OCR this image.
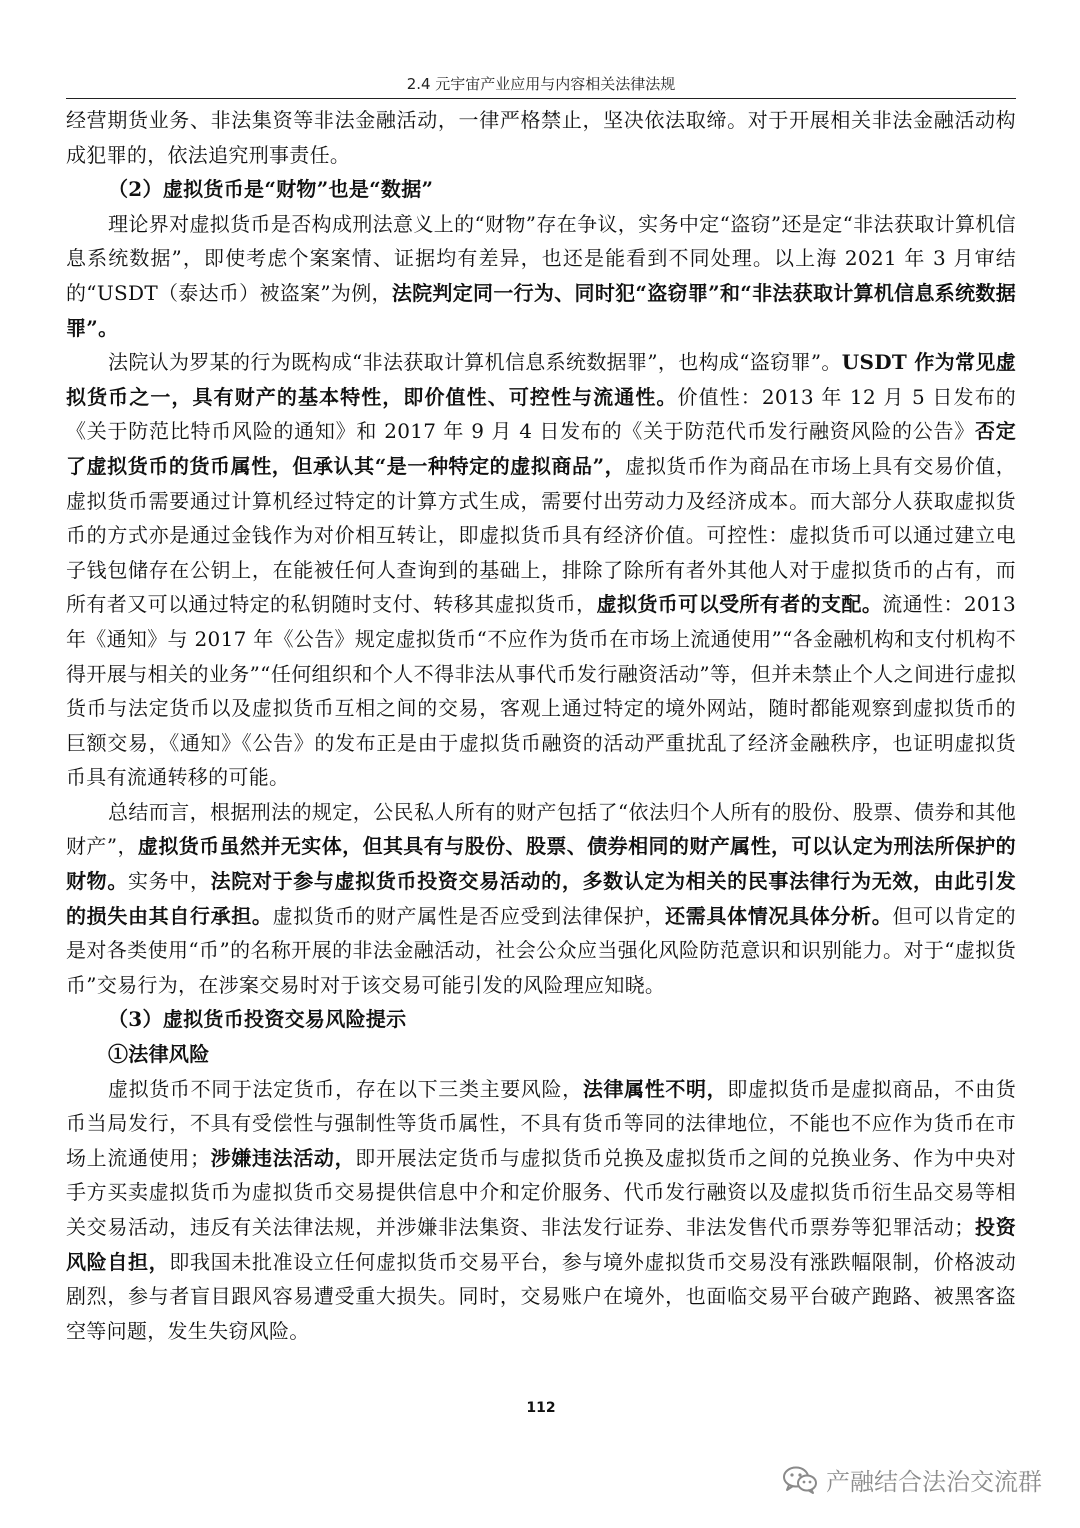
2.4 元宇宙产业应用与内容相关法律法规

经营期货业务、非法集资等非法金融活动，一律严格禁止，坚决依法取缔。对于开展相关非法金融活动构成犯罪的，依法追究刑事责任。

（2）虚拟货币是“财物”也是“数据”

理论界对虚拟货币是否构成刑法意义上的“财物”存在争议，实务中定“盗窃”还是定“非法获取计算机信息系统数据”，即使考虑个案案情、证据均有差异，也还是能看到不同处理。以上海 2021 年 3 月审结的“USDT（泰达币）被盗案”为例，法院判定同一行为、同时犯“盗窃罪”和“非法获取计算机信息系统数据罪”。

法院认为罗某的行为既构成“非法获取计算机信息系统数据罪”，也构成“盗窃罪”。USDT 作为常见虚拟货币之一，具有财产的基本特性，即价值性、可控性与流通性。价值性：2013 年 12 月 5 日发布的《关于防范比特币风险的通知》和 2017 年 9 月 4 日发布的《关于防范代币发行融资风险的公告》否定了虚拟货币的货币属性，但承认其“是一种特定的虚拟商品”，虚拟货币作为商品在市场上具有交易价值，虚拟货币需要通过计算机经过特定的计算方式生成，需要付出劳动力及经济成本。而大部分人获取虚拟货币的方式亦是通过金钱作为对价相互转让，即虚拟货币具有经济价值。可控性：虚拟货币可以通过建立电子钱包储存在公钥上，在能被任何人查询到的基础上，排除了除所有者外其他人对于虚拟货币的占有，而所有者又可以通过特定的私钥随时支付、转移其虚拟货币，虚拟货币可以受所有者的支配。流通性：2013 年《通知》与 2017 年《公告》规定虚拟货币“不应作为货币在市场上流通使用”“各金融机构和支付机构不得开展与相关的业务”“任何组织和个人不得非法从事代币发行融资活动”等，但并未禁止个人之间进行虚拟货币与法定货币以及虚拟货币互相之间的交易，客观上通过特定的境外网站，随时都能观察到虚拟货币的巨额交易，《通知》《公告》的发布正是由于虚拟货币融资的活动严重扰乱了经济金融秩序，也证明虚拟货币具有流通转移的可能。

总结而言，根据刑法的规定，公民私人所有的财产包括了“依法归个人所有的股份、股票、债券和其他财产”，虚拟货币虽然并无实体，但其具有与股份、股票、债券相同的财产属性，可以认定为刑法所保护的财物。实务中，法院对于参与虚拟货币投资交易活动的，多数认定为相关的民事法律行为无效，由此引发的损失由其自行承担。虚拟货币的财产属性是否应受到法律保护，还需具体情况具体分析。但可以肯定的是对各类使用“币”的名称开展的非法金融活动，社会公众应当强化风险防范意识和识别能力。对于“虚拟货币”交易行为，在涉案交易时对于该交易可能引发的风险理应知晓。

（3）虚拟货币投资交易风险提示

①法律风险

虚拟货币不同于法定货币，存在以下三类主要风险，法律属性不明，即虚拟货币是虚拟商品，不由货币当局发行，不具有受偿性与强制性等货币属性，不具有货币等同的法律地位，不能也不应作为货币在市场上流通使用；涉嫌违法活动，即开展法定货币与虚拟货币兑换及虚拟货币之间的兑换业务、作为中央对手方买卖虚拟货币为虚拟货币交易提供信息中介和定价服务、代币发行融资以及虚拟货币衍生品交易等相关交易活动，违反有关法律法规，并涉嫌非法集资、非法发行证券、非法发售代币票券等犯罪活动；投资风险自担，即我国未批准设立任何虚拟货币交易平台，参与境外虚拟货币交易没有涨跌幅限制，价格波动剧烈，参与者盲目跟风容易遭受重大损失。同时，交易账户在境外，也面临交易平台破产跑路、被黑客盗空等问题，发生失窃风险。

112
产融结合法治交流群
